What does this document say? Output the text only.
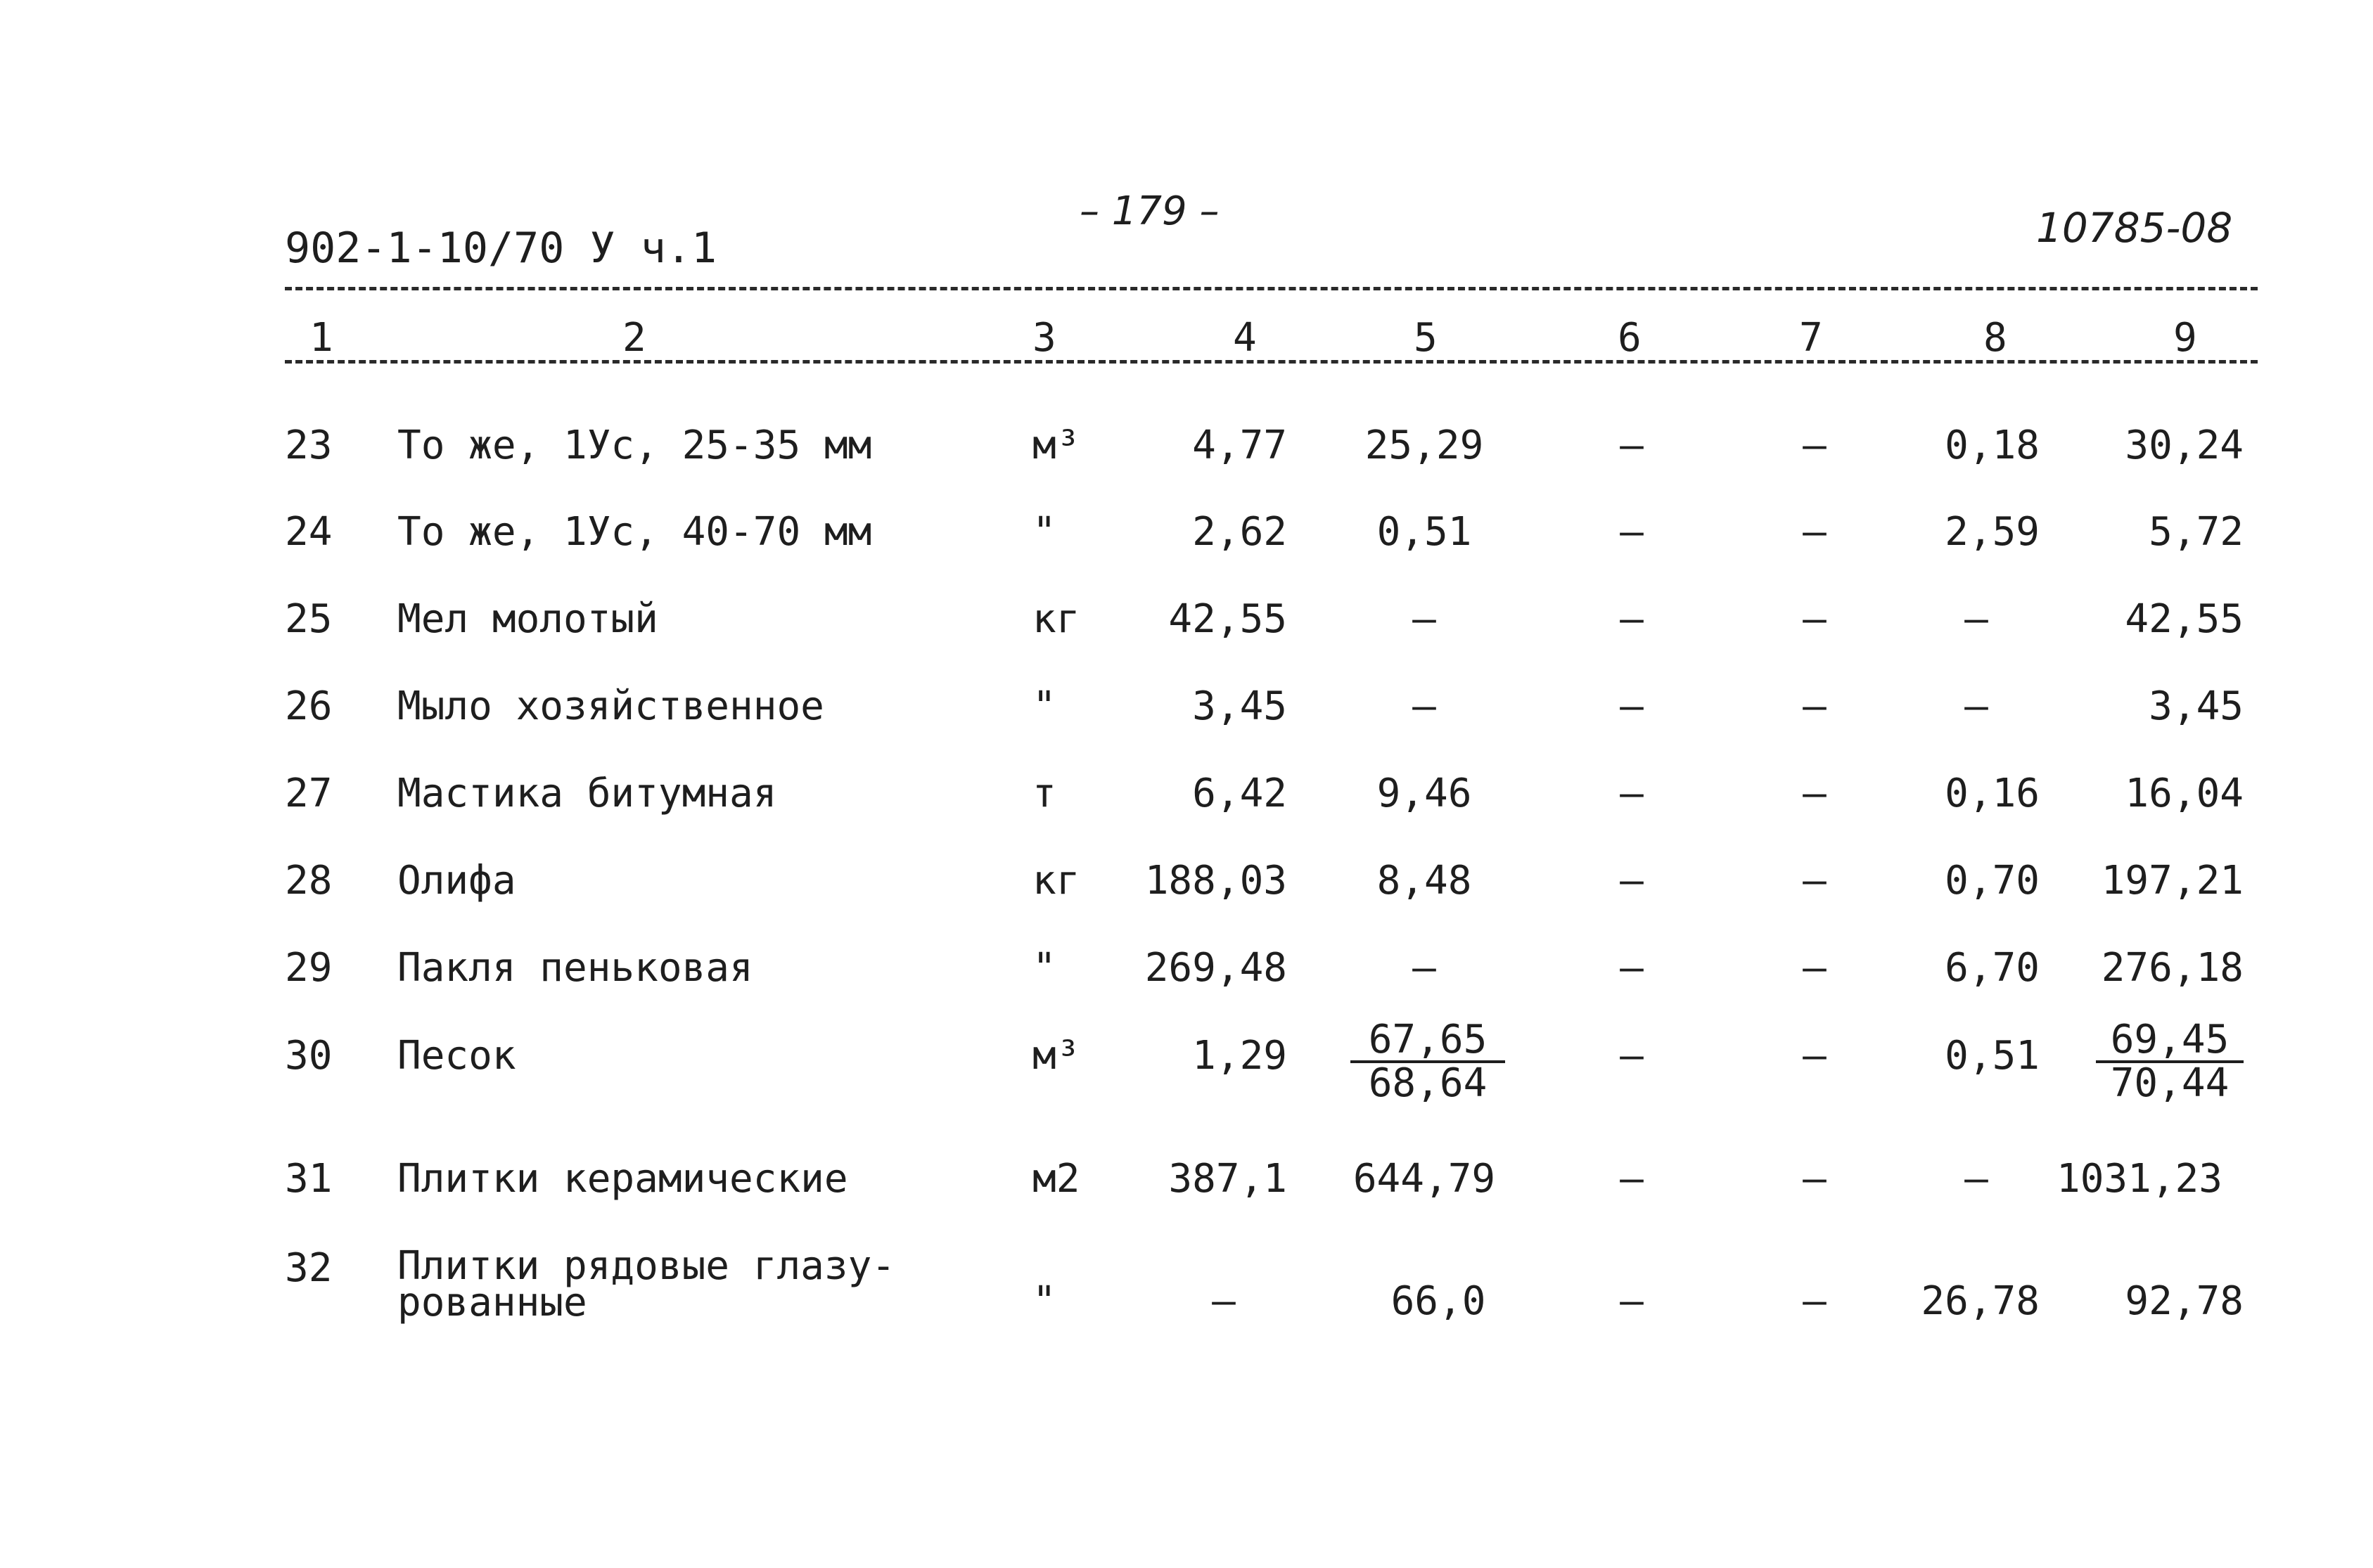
902-1-10/70 У ч.1
– 179 –	10785-08
1	2	3	4	5	6	7	8	9
23 То же, 1Ус, 25-35 мм	м³	4,77	25,29	–	–	0,18	30,24
24 То же, 1Ус, 40-70 мм	"	2,62	0,51	–	–	2,59	5,72
25 Мел молотый	кг	42,55	–	–	–	–	42,55
26 Мыло хозяйственное	"	3,45	–	–	–	–	3,45
27 Мастика битумная	т	6,42	9,46	–	–	0,16	16,04
28 Олифа	кг	188,03	8,48	–	–	0,70	197,21
29 Пакля пеньковая	"	269,48	–	–	–	6,70	276,18
30 Песок	м³	1,29	67,65
68,64
–	–	0,51	69,45
70,44
31 Плитки керамические	м2	387,1	644,79	–	–	–	1031,23
32 Плитки рядовые глазу-
рованные	"	–	66,0	–	–	26,78	92,78
